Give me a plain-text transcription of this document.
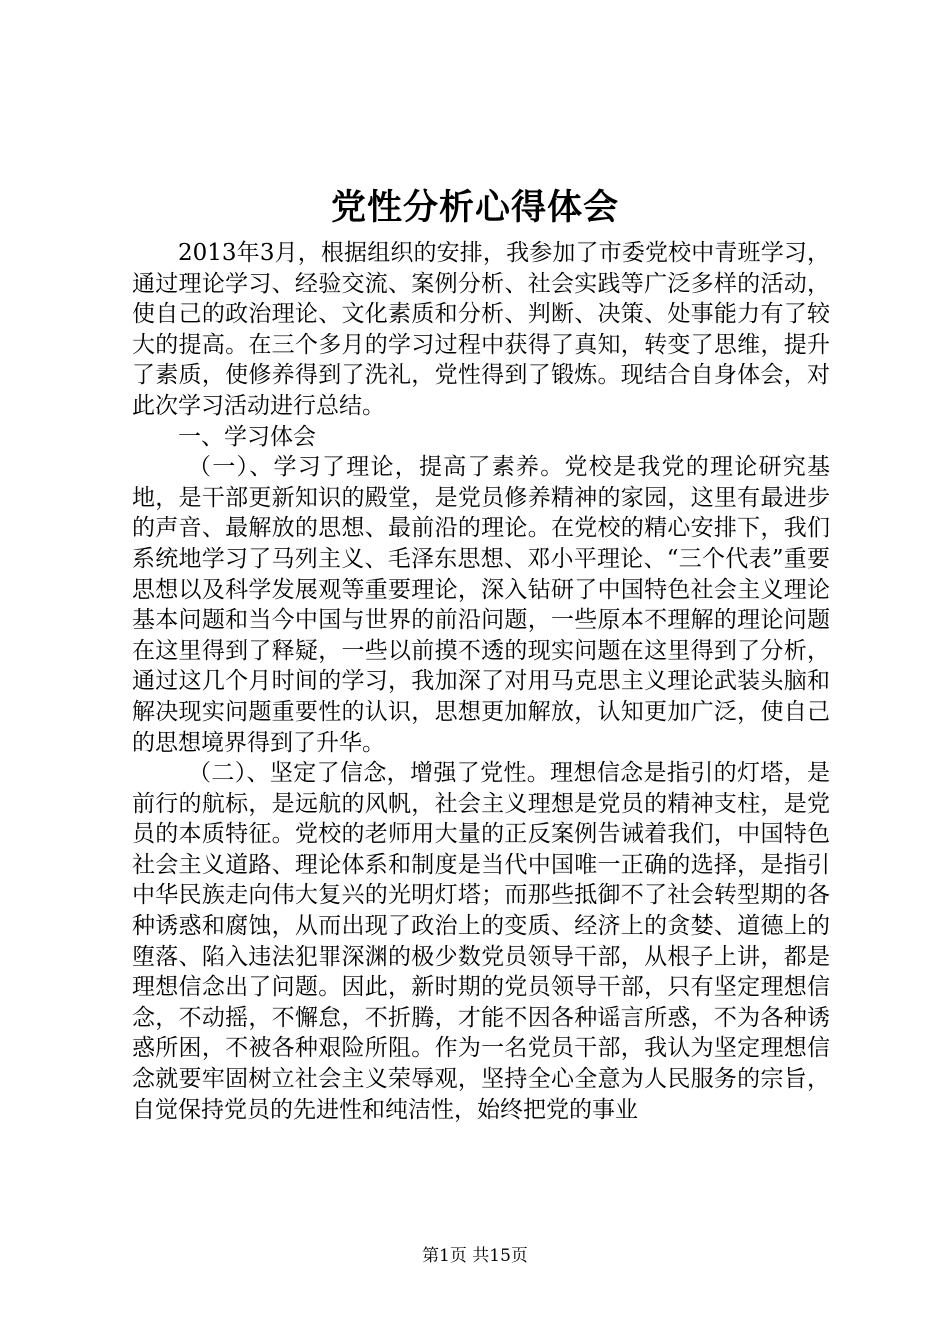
党性分析心得体会

2013年3月，根据组织的安排，我参加了市委党校中青班学习，通过理论学习、经验交流、案例分析、社会实践等广泛多样的活动，使自己的政治理论、文化素质和分析、判断、决策、处事能力有了较大的提高。在三个多月的学习过程中获得了真知，转变了思维，提升了素质，使修养得到了洗礼，党性得到了锻炼。现结合自身体会，对此次学习活动进行总结。

一、学习体会

（一）、学习了理论，提高了素养。党校是我党的理论研究基地，是干部更新知识的殿堂，是党员修养精神的家园，这里有最进步的声音、最解放的思想、最前沿的理论。在党校的精心安排下，我们系统地学习了马列主义、毛泽东思想、邓小平理论、“三个代表”重要思想以及科学发展观等重要理论，深入钻研了中国特色社会主义理论基本问题和当今中国与世界的前沿问题，一些原本不理解的理论问题在这里得到了释疑，一些以前摸不透的现实问题在这里得到了分析，通过这几个月时间的学习，我加深了对用马克思主义理论武装头脑和解决现实问题重要性的认识，思想更加解放，认知更加广泛，使自己的思想境界得到了升华。

（二）、坚定了信念，增强了党性。理想信念是指引的灯塔，是前行的航标，是远航的风帆，社会主义理想是党员的精神支柱，是党员的本质特征。党校的老师用大量的正反案例告诫着我们，中国特色社会主义道路、理论体系和制度是当代中国唯一正确的选择，是指引中华民族走向伟大复兴的光明灯塔；而那些抵御不了社会转型期的各种诱惑和腐蚀，从而出现了政治上的变质、经济上的贪婪、道德上的堕落、陷入违法犯罪深渊的极少数党员领导干部，从根子上讲，都是理想信念出了问题。因此，新时期的党员领导干部，只有坚定理想信念，不动摇，不懈怠，不折腾，才能不因各种谣言所惑，不为各种诱惑所困，不被各种艰险所阻。作为一名党员干部，我认为坚定理想信念就要牢固树立社会主义荣辱观，坚持全心全意为人民服务的宗旨，自觉保持党员的先进性和纯洁性，始终把党的事业

第1页 共15页
